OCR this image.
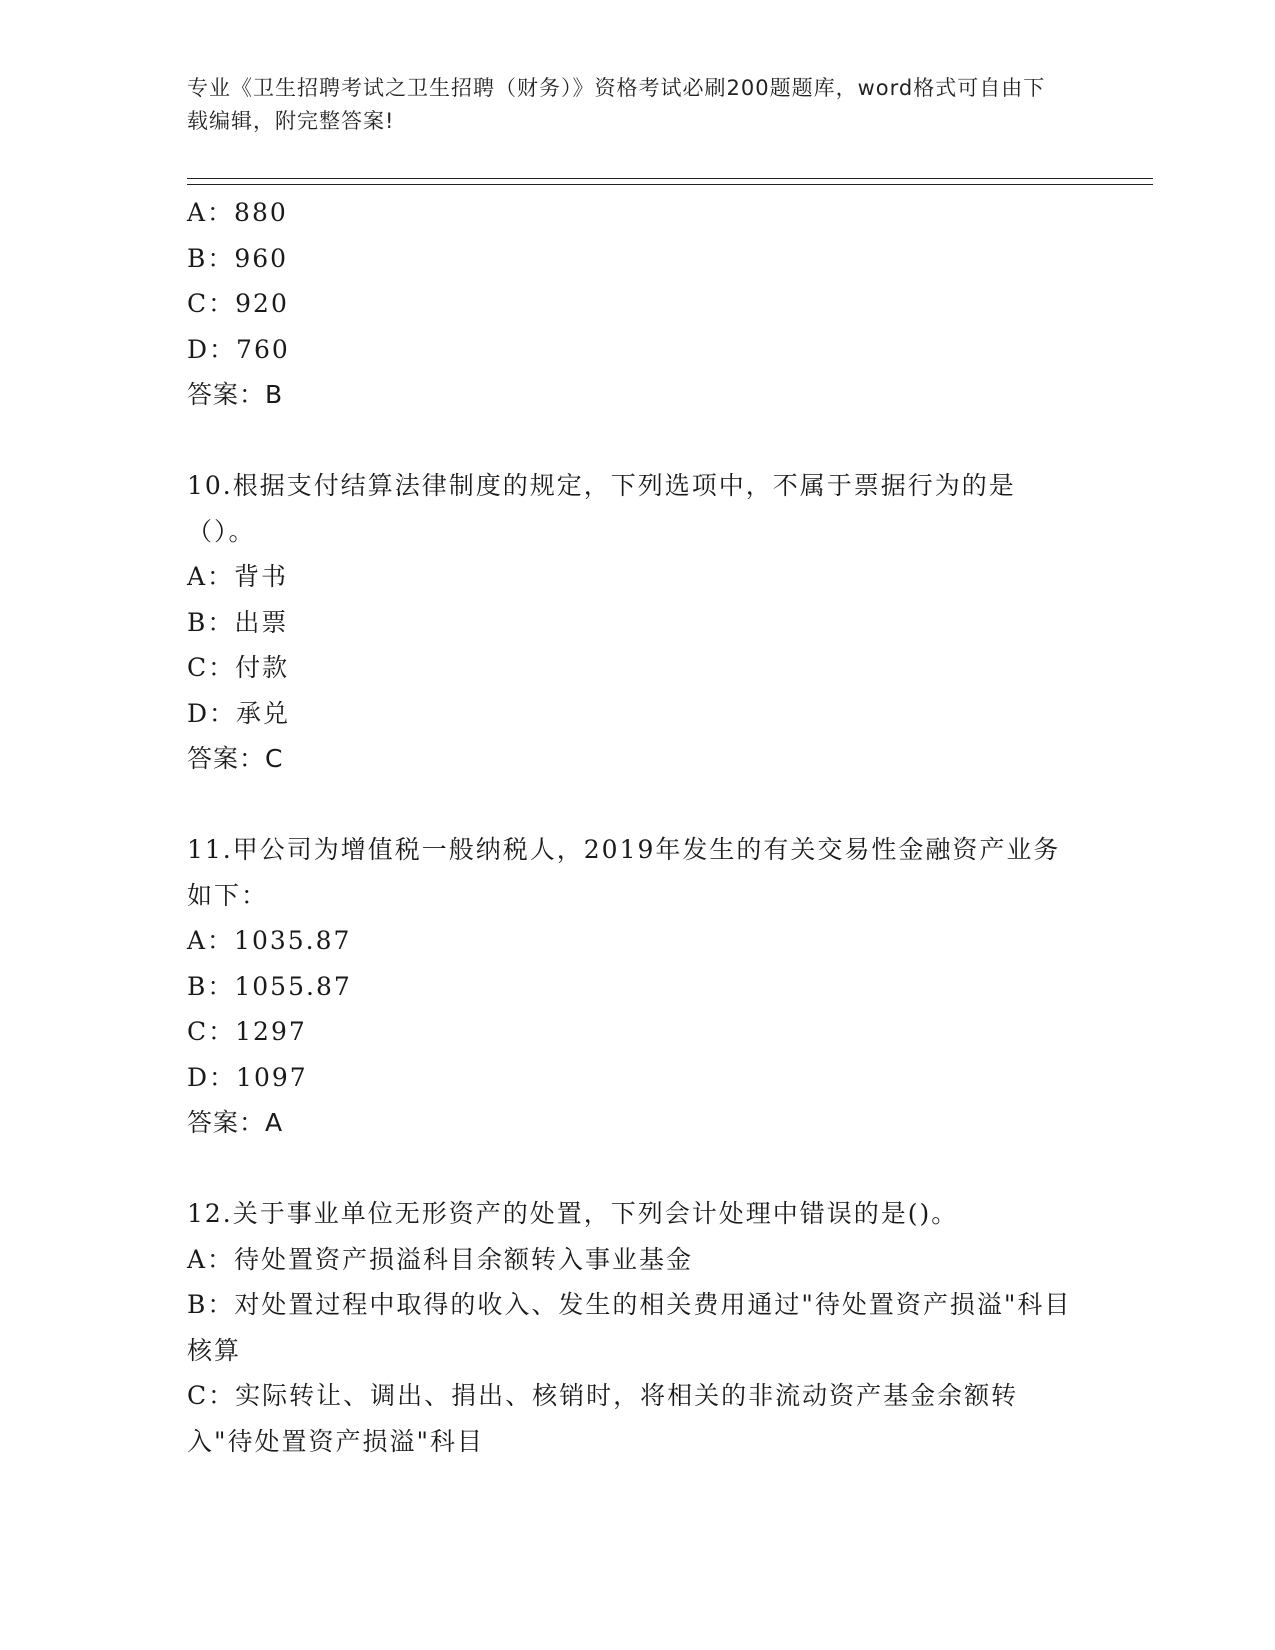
专业《卫生招聘考试之卫生招聘（财务）》资格考试必刷200题题库，word格式可自由下载编辑，附完整答案!
A：880
B：960
C：920
D：760
答案：B
10.根据支付结算法律制度的规定，下列选项中，不属于票据行为的是（）。
A：背书
B：出票
C：付款
D：承兑
答案：C
11.甲公司为增值税一般纳税人，2019年发生的有关交易性金融资产业务如下：
A：1035.87
B：1055.87
C：1297
D：1097
答案：A
12.关于事业单位无形资产的处置，下列会计处理中错误的是()。
A：待处置资产损溢科目余额转入事业基金
B：对处置过程中取得的收入、发生的相关费用通过"待处置资产损溢"科目核算
C：实际转让、调出、捐出、核销时，将相关的非流动资产基金余额转入"待处置资产损溢"科目
